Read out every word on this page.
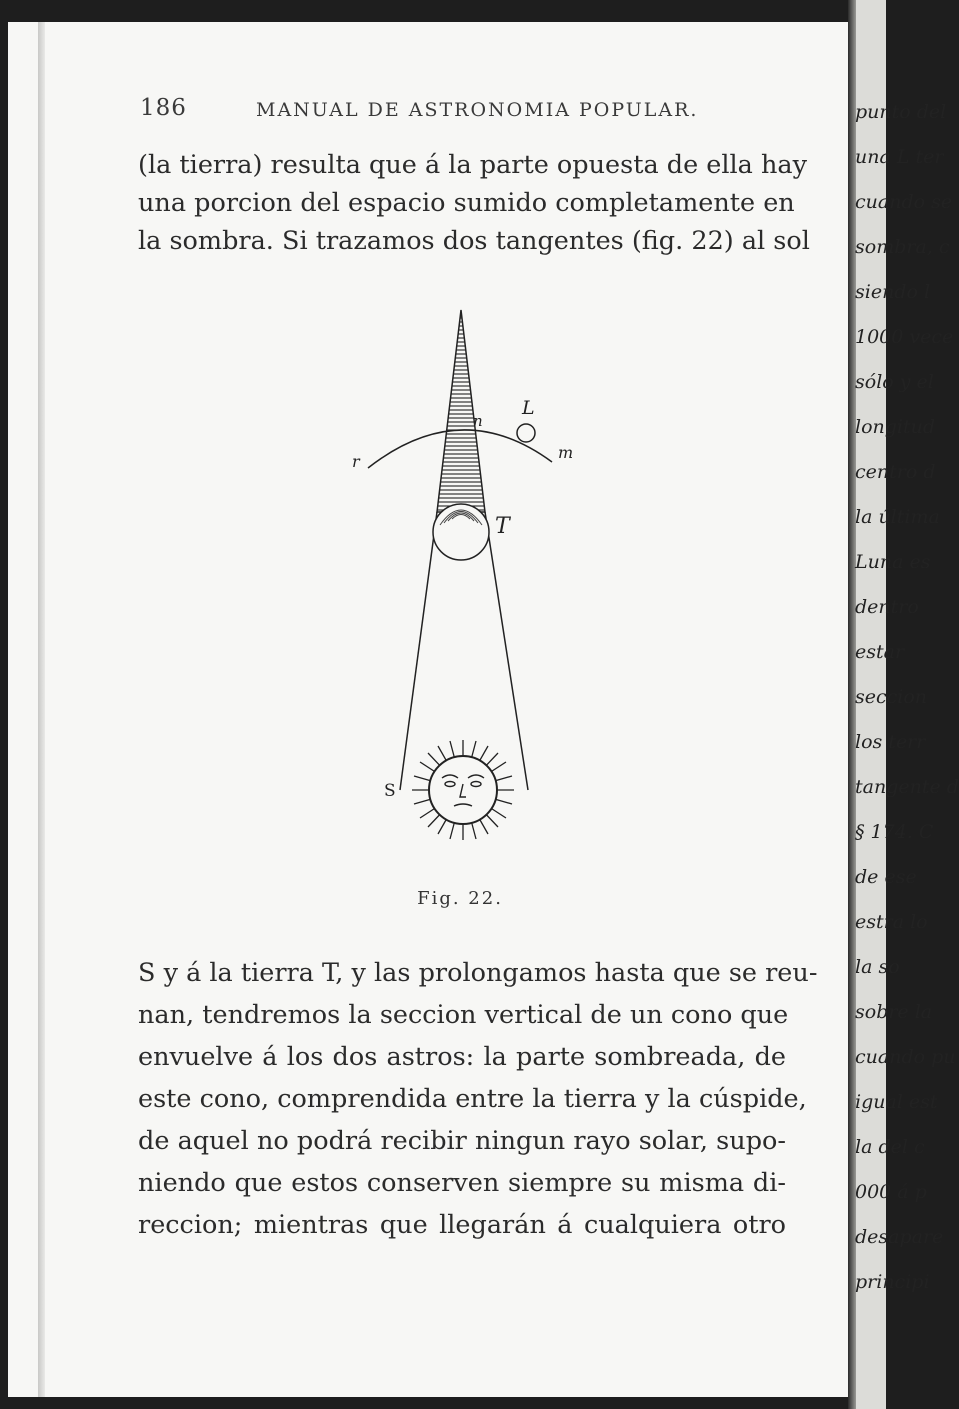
186	MANUAL DE ASTRONOMIA POPULAR.
(la tierra) resulta que á la parte opuesta de ella hay
una porcion del espacio sumido completamente en
la sombra. Si trazamos dos tangentes (fig. 22) al sol
n
L
m
r
T
S
Fig. 22.
S y á la tierra T, y las prolongamos hasta que se reu-
nan, tendremos la seccion vertical de un cono que
envuelve á los dos astros: la parte sombreada, de
este cono, comprendida entre la tierra y la cúspide,
de aquel no podrá recibir ningun rayo solar, supo-
niendo que estos conserven siempre su misma di-
reccion; mientras que llegarán á cualquiera otro
punto del
una L ter
cuando se
sombra, c
siendo l
1000 vece
sólo y el
longitud
centro d
la última
Luna es
dentro
estar
seccion
los terr
tangente d
§ 174. C
de ese
estra lo
la so
sobre la
cuando pu
igual est
la del c
000 á p
desapare
principi
